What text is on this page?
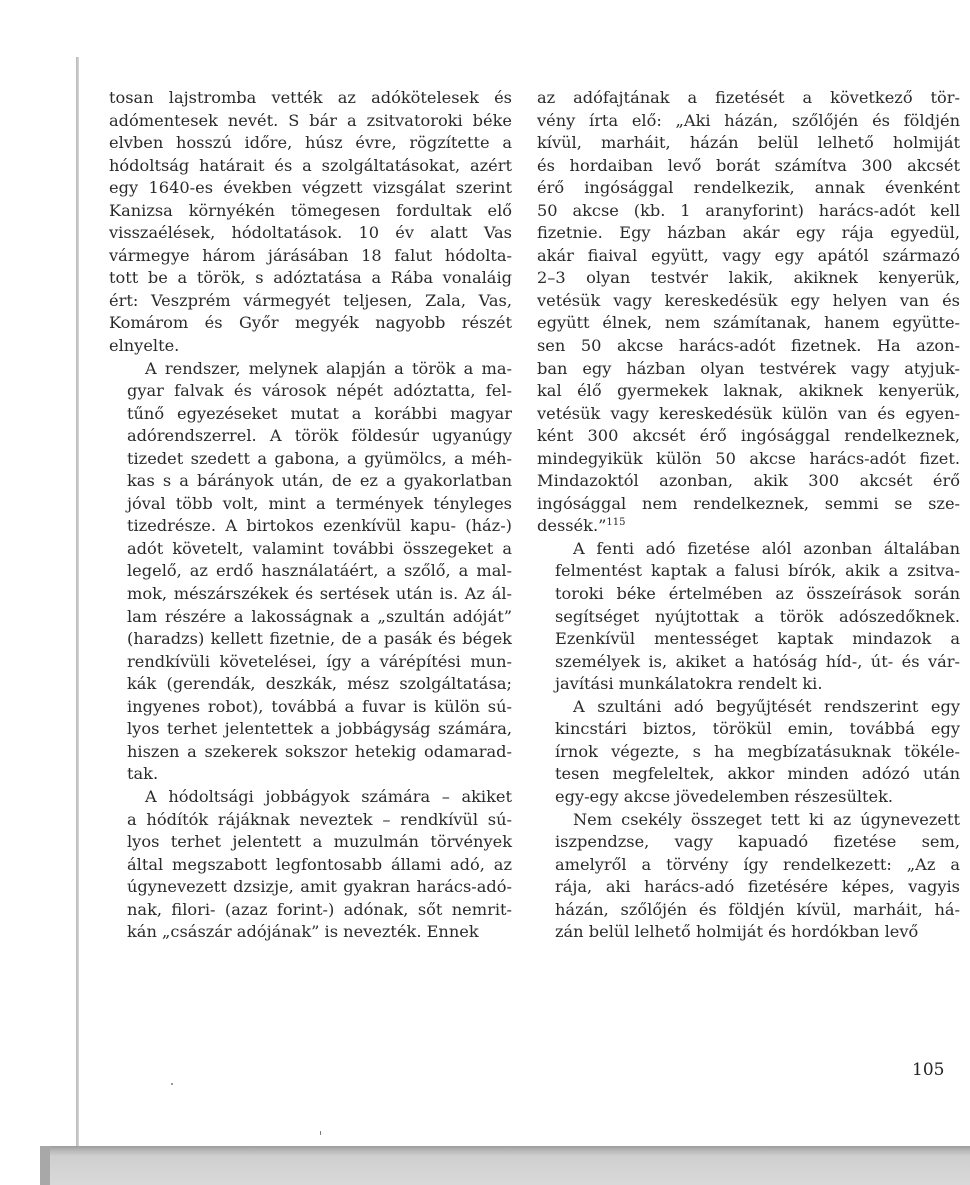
tosan lajstromba vették az adókötelesek és
adómentesek nevét. S bár a zsitvatoroki béke
elvben hosszú időre, húsz évre, rögzítette a
hódoltság határait és a szolgáltatásokat, azért
egy 1640-es években végzett vizsgálat szerint
Kanizsa környékén tömegesen fordultak elő
visszaélések, hódoltatások. 10 év alatt Vas
vármegye három járásában 18 falut hódolta-
tott be a török, s adóztatása a Rába vonaláig
ért: Veszprém vármegyét teljesen, Zala, Vas,
Komárom és Győr megyék nagyobb részét
elnyelte.
A rendszer, melynek alapján a török a ma-
gyar falvak és városok népét adóztatta, fel-
tűnő egyezéseket mutat a korábbi magyar
adórendszerrel. A török földesúr ugyanúgy
tizedet szedett a gabona, a gyümölcs, a méh-
kas s a bárányok után, de ez a gyakorlatban
jóval több volt, mint a termények tényleges
tizedrésze. A birtokos ezenkívül kapu- (ház-)
adót követelt, valamint további összegeket a
legelő, az erdő használatáért, a szőlő, a mal-
mok, mészárszékek és sertések után is. Az ál-
lam részére a lakosságnak a „szultán adóját”
(haradzs) kellett fizetnie, de a pasák és bégek
rendkívüli követelései, így a várépítési mun-
kák (gerendák, deszkák, mész szolgáltatása;
ingyenes robot), továbbá a fuvar is külön sú-
lyos terhet jelentettek a jobbágyság számára,
hiszen a szekerek sokszor hetekig odamarad-
tak.
A hódoltsági jobbágyok számára – akiket
a hódítók rájáknak neveztek – rendkívül sú-
lyos terhet jelentett a muzulmán törvények
által megszabott legfontosabb állami adó, az
úgynevezett dzsizje, amit gyakran harács-adó-
nak, filori- (azaz forint-) adónak, sőt nemrit-
kán „császár adójának” is nevezték. Ennek
az adófajtának a fizetését a következő tör-
vény írta elő: „Aki házán, szőlőjén és földjén
kívül, marháit, házán belül lelhető holmiját
és hordaiban levő borát számítva 300 akcsét
érő ingósággal rendelkezik, annak évenként
50 akcse (kb. 1 aranyforint) harács-adót kell
fizetnie. Egy házban akár egy rája egyedül,
akár fiaival együtt, vagy egy apától származó
2–3 olyan testvér lakik, akiknek kenyerük,
vetésük vagy kereskedésük egy helyen van és
együtt élnek, nem számítanak, hanem együtte-
sen 50 akcse harács-adót fizetnek. Ha azon-
ban egy házban olyan testvérek vagy atyjuk-
kal élő gyermekek laknak, akiknek kenyerük,
vetésük vagy kereskedésük külön van és egyen-
ként 300 akcsét érő ingósággal rendelkeznek,
mindegyikük külön 50 akcse harács-adót fizet.
Mindazoktól azonban, akik 300 akcsét érő
ingósággal nem rendelkeznek, semmi se sze-
dessék.”$^{115}$
A fenti adó fizetése alól azonban általában
felmentést kaptak a falusi bírók, akik a zsitva-
toroki béke értelmében az összeírások során
segítséget nyújtottak a török adószedőknek.
Ezenkívül mentességet kaptak mindazok a
személyek is, akiket a hatóság híd-, út- és vár-
javítási munkálatokra rendelt ki.
A szultáni adó begyűjtését rendszerint egy
kincstári biztos, törökül emin, továbbá egy
írnok végezte, s ha megbízatásuknak tökéle-
tesen megfeleltek, akkor minden adózó után
egy-egy akcse jövedelemben részesültek.
Nem csekély összeget tett ki az úgynevezett
iszpendzse, vagy kapuadó fizetése sem,
amelyről a törvény így rendelkezett: „Az a
rája, aki harács-adó fizetésére képes, vagyis
házán, szőlőjén és földjén kívül, marháit, há-
zán belül lelhető holmiját és hordókban levő
105
